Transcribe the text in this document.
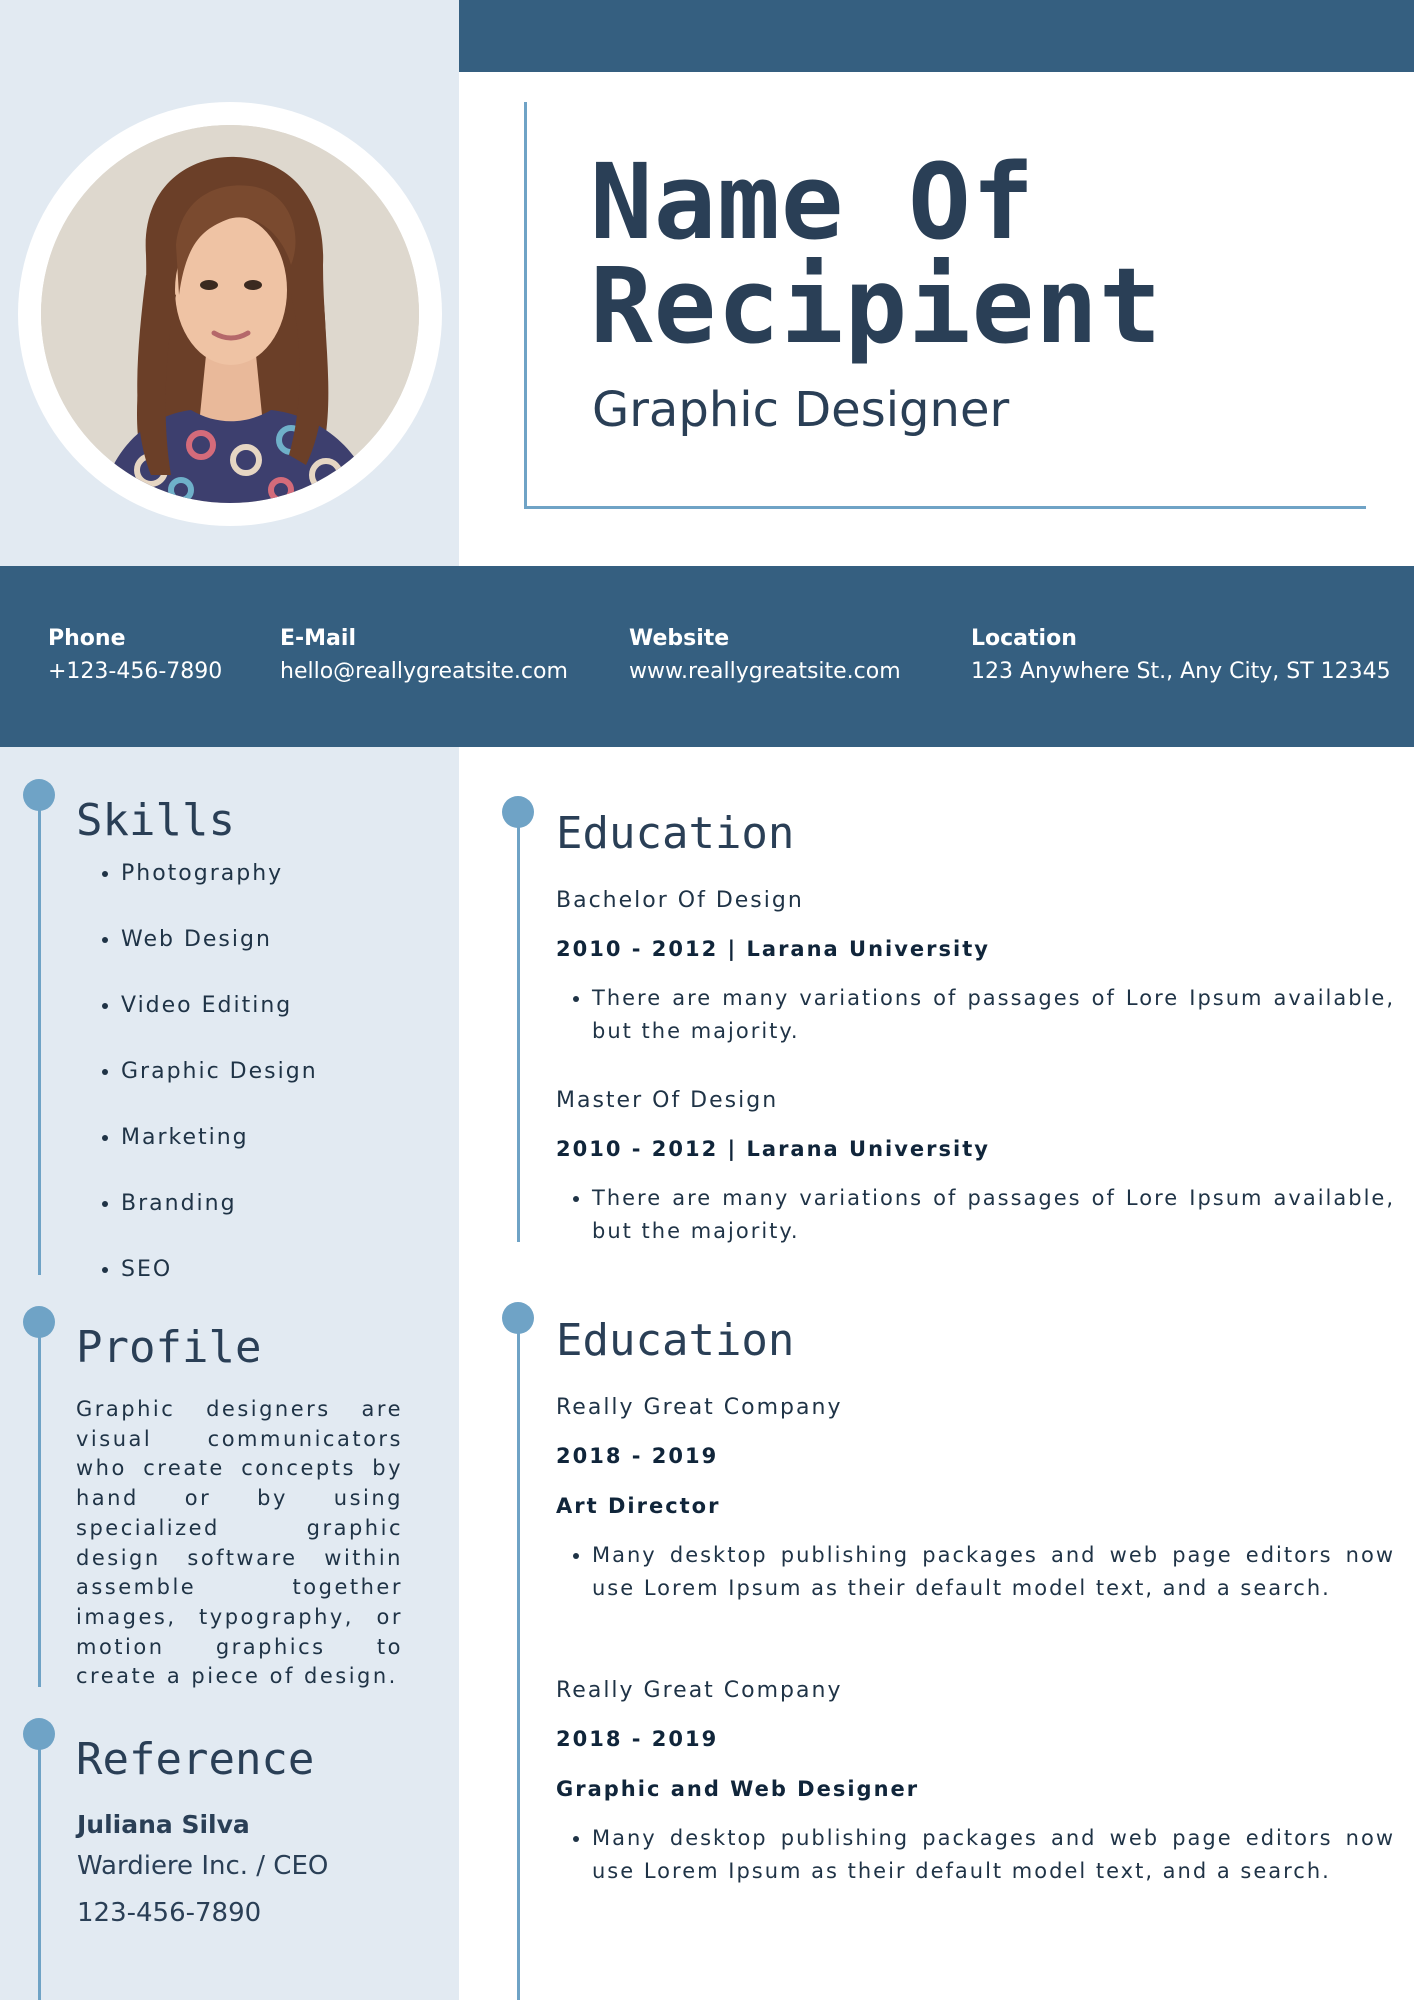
Name Of Recipient
Graphic Designer
Phone
+123-456-7890
E-Mail
hello@reallygreatsite.com
Website
www.reallygreatsite.com
Location
123 Anywhere St., Any City, ST 12345
Skills
• Photography
• Web Design
• Video Editing
• Graphic Design
• Marketing
• Branding
• SEO
Profile

Graphic designers are visual communicators who create concepts by hand or by using specialized graphic design software within assemble together images, typography, or motion graphics to create a piece of design.

Reference
Juliana Silva
Wardiere Inc. / CEO
123-456-7890
Education
Bachelor Of Design
2010 - 2012 | Larana University
• There are many variations of passages of Lore Ipsum available, but the majority.
Master Of Design
2010 - 2012 | Larana University
• There are many variations of passages of Lore Ipsum available, but the majority.
Education
Really Great Company
2018 - 2019
Art Director
• Many desktop publishing packages and web page editors now use Lorem Ipsum as their default model text, and a search.
Really Great Company
2018 - 2019
Graphic and Web Designer
• Many desktop publishing packages and web page editors now use Lorem Ipsum as their default model text, and a search.
